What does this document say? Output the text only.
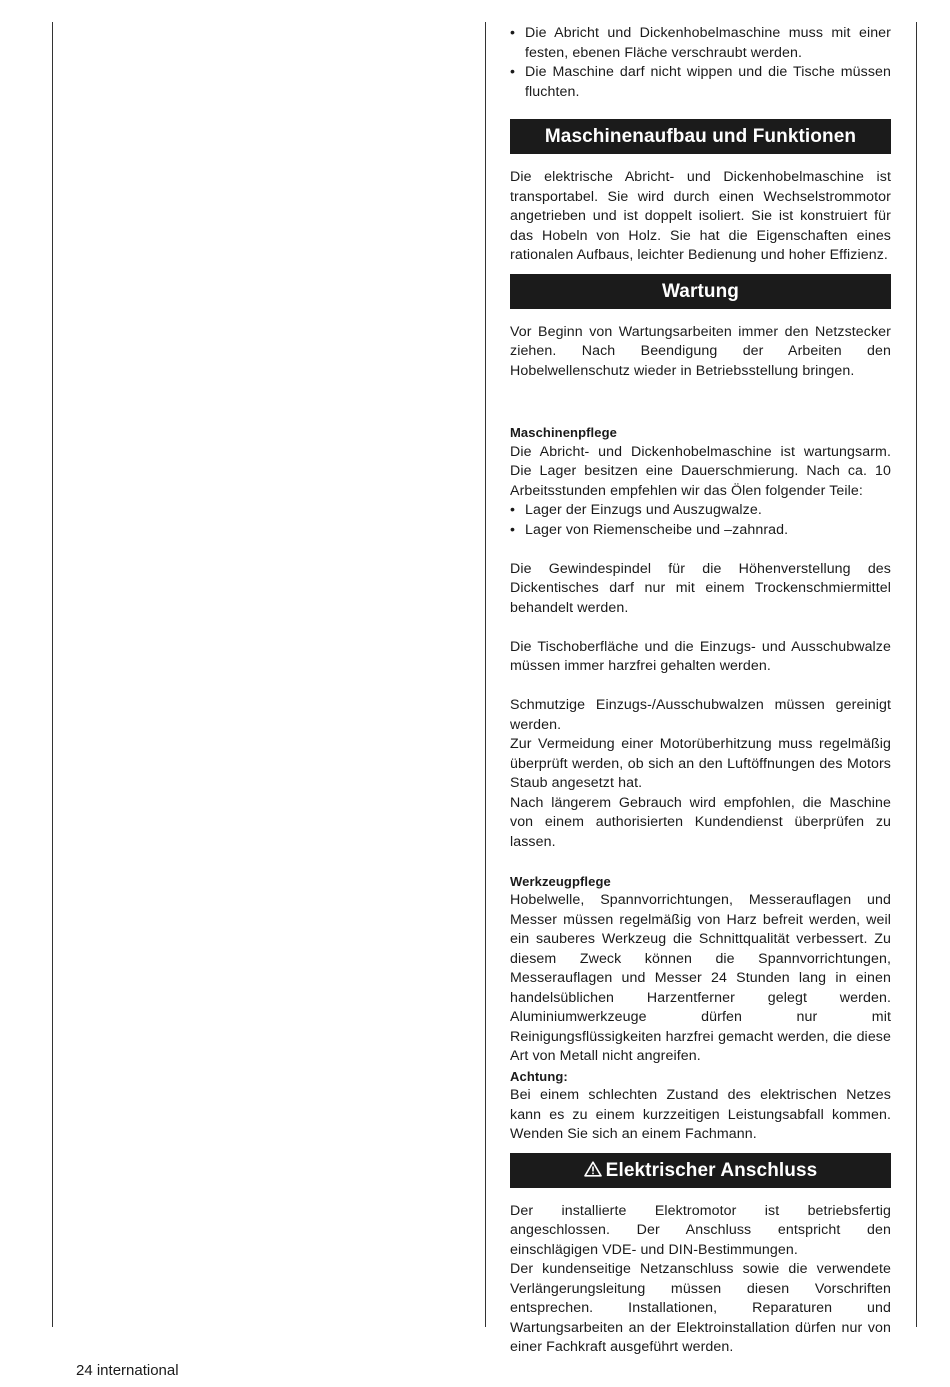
• Die Abricht und Dickenhobelmaschine muss mit einer festen, ebenen Fläche verschraubt werden.
• Die Maschine darf nicht wippen und die Tische müssen fluchten.
Maschinenaufbau und Funktionen

Die elektrische Abricht- und Dickenhobelmaschine ist transportabel. Sie wird durch einen Wechselstrommotor angetrieben und ist doppelt isoliert. Sie ist konstruiert für das Hobeln von Holz. Sie hat die Eigenschaften eines rationalen Aufbaus, leichter Bedienung und hoher Effizienz.

Wartung

Vor Beginn von Wartungsarbeiten immer den Netzstecker ziehen. Nach Beendigung der Arbeiten den Hobelwellenschutz wieder in Betriebsstellung bringen.

Maschinenpflege

Die Abricht- und Dickenhobelmaschine ist wartungsarm. Die Lager besitzen eine Dauerschmierung. Nach ca. 10 Arbeitsstunden empfehlen wir das Ölen folgender Teile:

• Lager der Einzugs und Auszugwalze.
• Lager von Riemenscheibe und –zahnrad.

Die Gewindespindel für die Höhenverstellung des Dickentisches darf nur mit einem Trockenschmiermittel behandelt werden.

Die Tischoberfläche und die Einzugs- und Ausschubwalze müssen immer harzfrei gehalten werden.

Schmutzige Einzugs-/Ausschubwalzen müssen gereinigt werden.

Zur Vermeidung einer Motorüberhitzung muss regelmäßig überprüft werden, ob sich an den Luftöffnungen des Motors Staub angesetzt hat.

Nach längerem Gebrauch wird empfohlen, die Maschine von einem authorisierten Kundendienst überprüfen zu lassen.

Werkzeugpflege

Hobelwelle, Spannvorrichtungen, Messerauflagen und Messer müssen regelmäßig von Harz befreit werden, weil ein sauberes Werkzeug die Schnittqualität verbessert. Zu diesem Zweck können die Spannvorrichtungen, Messerauflagen und Messer 24 Stunden lang in einen handelsüblichen Harzentferner gelegt werden. Aluminiumwerkzeuge dürfen nur mit Reinigungsflüssigkeiten harzfrei gemacht werden, die diese Art von Metall nicht angreifen.

Achtung:

Bei einem schlechten Zustand des elektrischen Netzes kann es zu einem kurzzeitigen Leistungsabfall kommen. Wenden Sie sich an einem Fachmann.

Elektrischer Anschluss

Der installierte Elektromotor ist betriebsfertig angeschlossen. Der Anschluss entspricht den einschlägigen VDE- und DIN-Bestimmungen.

Der kundenseitige Netzanschluss sowie die verwendete Verlängerungsleitung müssen diesen Vorschriften entsprechen. Installationen, Reparaturen und Wartungsarbeiten an der Elektroinstallation dürfen nur von einer Fachkraft ausgeführt werden.

24 international
